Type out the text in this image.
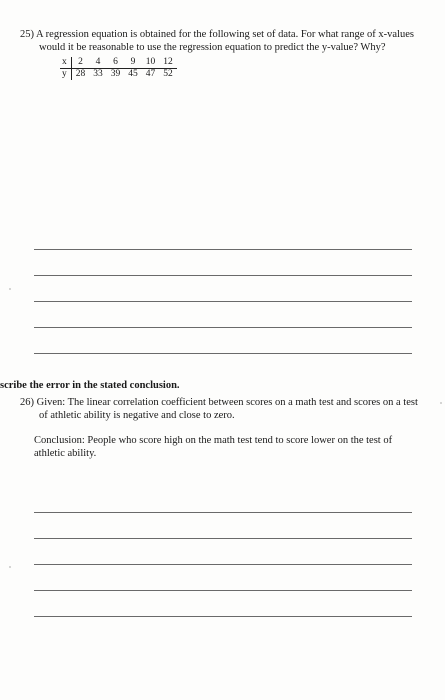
25) A regression equation is obtained for the following set of data. For what range of x-values
would it be reasonable to use the regression equation to predict the y-value? Why?
x	2	4	6	9	10	12
y	28	33	39	45	47	52
scribe the error in the stated conclusion.
26) Given: The linear correlation coefficient between scores on a math test and scores on a test
of athletic ability is negative and close to zero.
Conclusion: People who score high on the math test tend to score lower on the test of
athletic ability.
